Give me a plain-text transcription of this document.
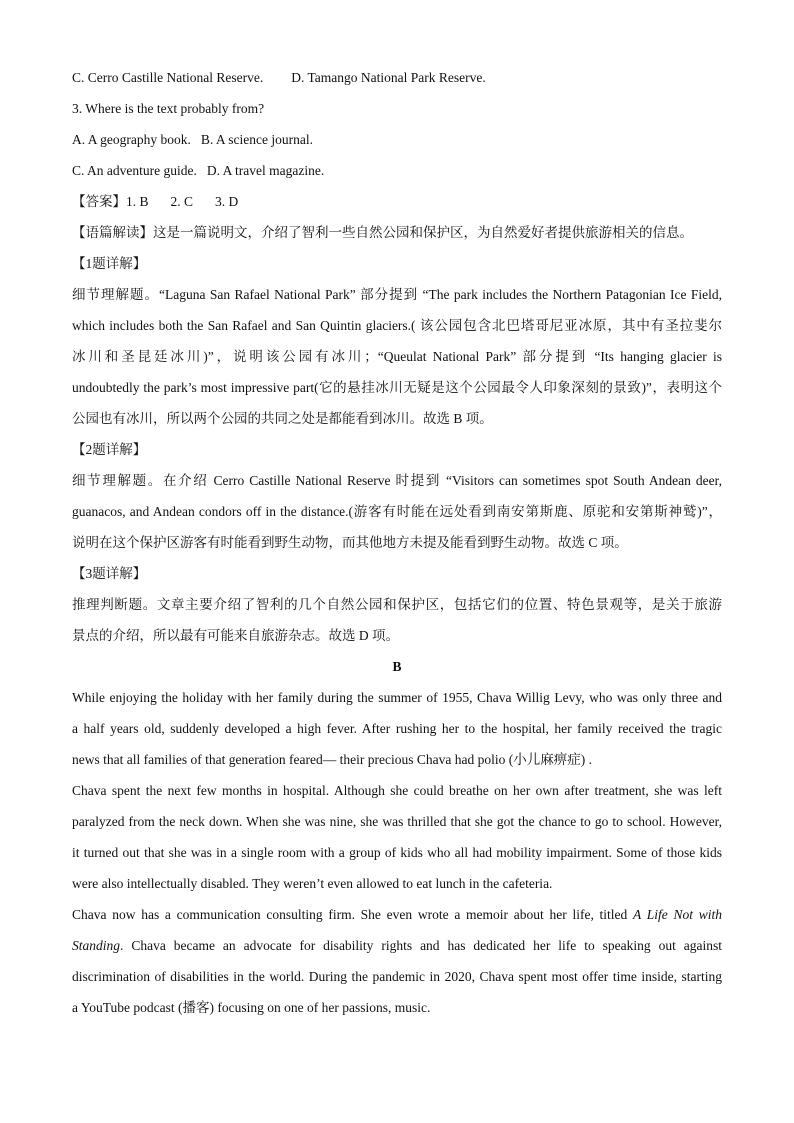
C. Cerro Castille National Reserve. D. Tamango National Park Reserve.
3. Where is the text probably from?
A. A geography book. B. A science journal.
C. An adventure guide. D. A travel magazine.
【答案】1. B 2. C 3. D
【语篇解读】这是一篇说明文，介绍了智利一些自然公园和保护区，为自然爱好者提供旅游相关的信息。
【1题详解】
细节理解题。“Laguna San Rafael National Park” 部分提到 “The park includes the Northern Patagonian Ice Field,
which includes both the San Rafael and San Quintin glaciers.( 该公园包含北巴塔哥尼亚冰原，其中有圣拉斐尔
冰川和圣昆廷冰川)”，说明该公园有冰川；“Queulat National Park” 部分提到 “Its hanging glacier is
undoubtedly the park’s most impressive part(它的悬挂冰川无疑是这个公园最令人印象深刻的景致)”，表明这个
公园也有冰川，所以两个公园的共同之处是都能看到冰川。故选 B 项。
【2题详解】
细节理解题。在介绍 Cerro Castille National Reserve 时提到 “Visitors can sometimes spot South Andean deer,
guanacos, and Andean condors off in the distance.(游客有时能在远处看到南安第斯鹿、原驼和安第斯神鹫)”，
说明在这个保护区游客有时能看到野生动物，而其他地方未提及能看到野生动物。故选 C 项。
【3题详解】
推理判断题。文章主要介绍了智利的几个自然公园和保护区，包括它们的位置、特色景观等，是关于旅游
景点的介绍，所以最有可能来自旅游杂志。故选 D 项。
B
While enjoying the holiday with her family during the summer of 1955, Chava Willig Levy, who was only three and
a half years old, suddenly developed a high fever. After rushing her to the hospital, her family received the tragic
news that all families of that generation feared— their precious Chava had polio (小儿麻痹症) .
Chava spent the next few months in hospital. Although she could breathe on her own after treatment, she was left
paralyzed from the neck down. When she was nine, she was thrilled that she got the chance to go to school. However,
it turned out that she was in a single room with a group of kids who all had mobility impairment. Some of those kids
were also intellectually disabled. They weren’t even allowed to eat lunch in the cafeteria.
Chava now has a communication consulting firm. She even wrote a memoir about her life, titled A Life Not with
Standing. Chava became an advocate for disability rights and has dedicated her life to speaking out against
discrimination of disabilities in the world. During the pandemic in 2020, Chava spent most offer time inside, starting
a YouTube podcast (播客) focusing on one of her passions, music.
